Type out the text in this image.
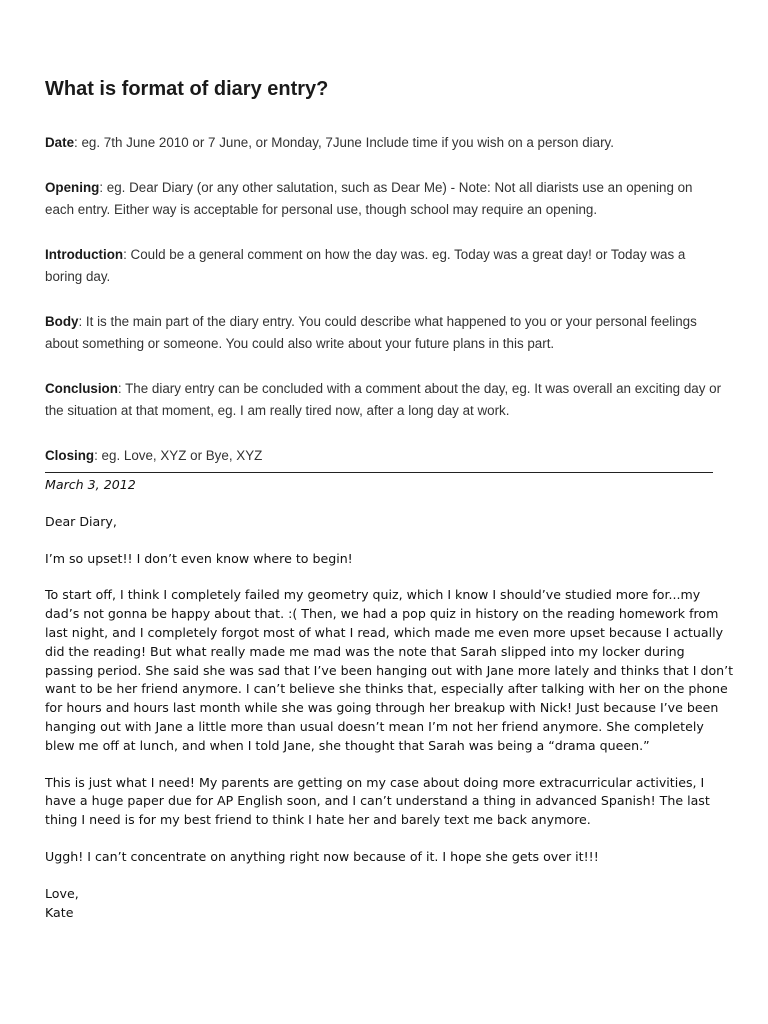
What is format of diary entry?

Date: eg. 7th June 2010 or 7 June, or Monday, 7June Include time if you wish on a person diary.

Opening: eg. Dear Diary (or any other salutation, such as Dear Me) - Note: Not all diarists use an opening on each entry. Either way is acceptable for personal use, though school may require an opening.

Introduction: Could be a general comment on how the day was. eg. Today was a great day! or Today was a boring day.

Body: It is the main part of the diary entry. You could describe what happened to you or your personal feelings about something or someone. You could also write about your future plans in this part.

Conclusion: The diary entry can be concluded with a comment about the day, eg. It was overall an exciting day or the situation at that moment, eg. I am really tired now, after a long day at work.

Closing: eg. Love, XYZ or Bye, XYZ

March 3, 2012
Dear Diary,
I’m so upset!! I don’t even know where to begin!
To start off, I think I completely failed my geometry quiz, which I know I should’ve studied more for...my dad’s not gonna be happy about that. :( Then, we had a pop quiz in history on the reading homework from last night, and I completely forgot most of what I read, which made me even more upset because I actually did the reading! But what really made me mad was the note that Sarah slipped into my locker during passing period. She said she was sad that I’ve been hanging out with Jane more lately and thinks that I don’t want to be her friend anymore. I can’t believe she thinks that, especially after talking with her on the phone for hours and hours last month while she was going through her breakup with Nick! Just because I’ve been hanging out with Jane a little more than usual doesn’t mean I’m not her friend anymore. She completely blew me off at lunch, and when I told Jane, she thought that Sarah was being a “drama queen.”
This is just what I need! My parents are getting on my case about doing more extracurricular activities, I have a huge paper due for AP English soon, and I can’t understand a thing in advanced Spanish! The last thing I need is for my best friend to think I hate her and barely text me back anymore.
Uggh! I can’t concentrate on anything right now because of it. I hope she gets over it!!!
Love,
Kate
